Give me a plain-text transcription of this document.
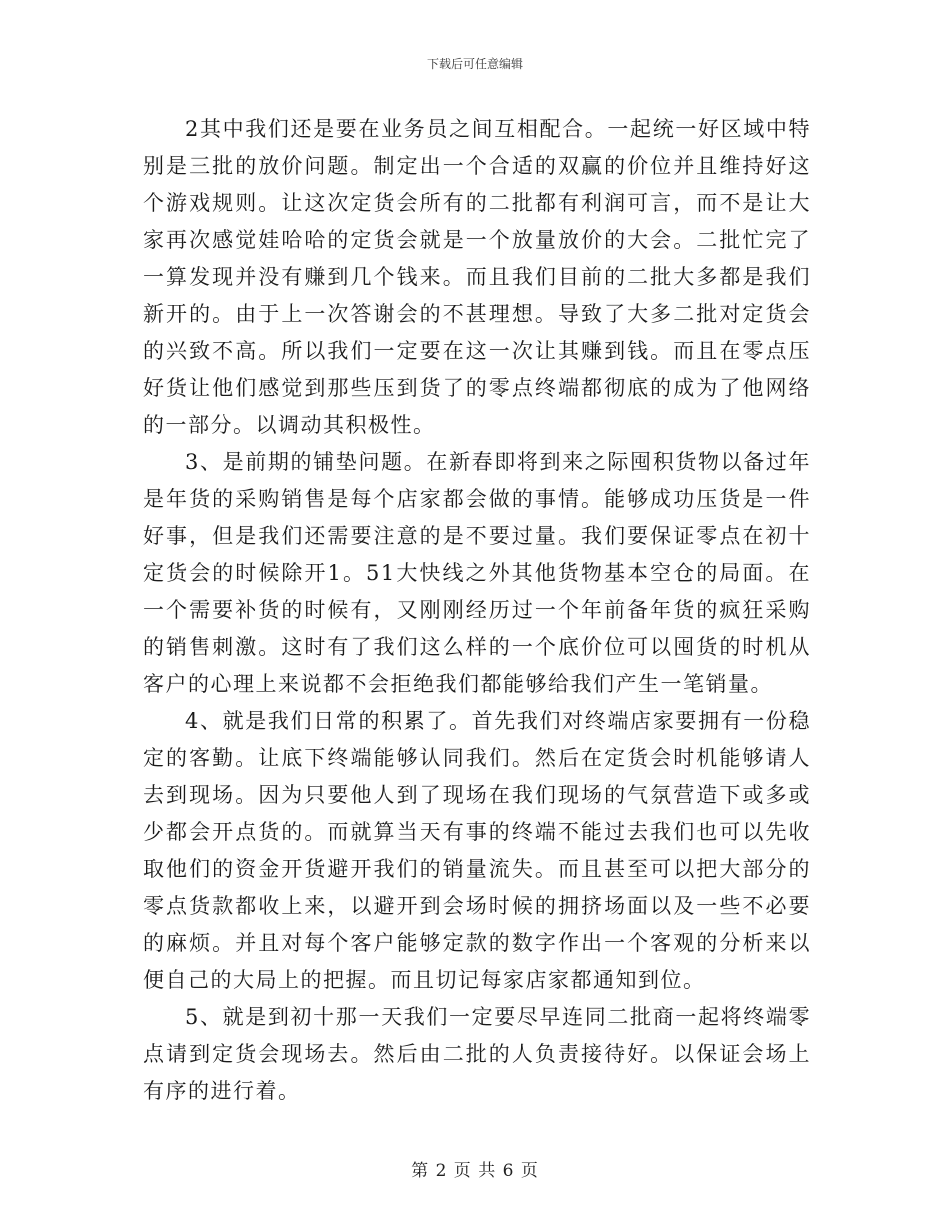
下载后可任意编辑

2其中我们还是要在业务员之间互相配合。一起统一好区域中特别是三批的放价问题。制定出一个合适的双赢的价位并且维持好这个游戏规则。让这次定货会所有的二批都有利润可言，而不是让大家再次感觉娃哈哈的定货会就是一个放量放价的大会。二批忙完了一算发现并没有赚到几个钱来。而且我们目前的二批大多都是我们新开的。由于上一次答谢会的不甚理想。导致了大多二批对定货会的兴致不高。所以我们一定要在这一次让其赚到钱。而且在零点压好货让他们感觉到那些压到货了的零点终端都彻底的成为了他网络的一部分。以调动其积极性。

3、是前期的铺垫问题。在新春即将到来之际囤积货物以备过年是年货的采购销售是每个店家都会做的事情。能够成功压货是一件好事，但是我们还需要注意的是不要过量。我们要保证零点在初十定货会的时候除开1。51大快线之外其他货物基本空仓的局面。在一个需要补货的时候有，又刚刚经历过一个年前备年货的疯狂采购的销售刺激。这时有了我们这么样的一个底价位可以囤货的时机从客户的心理上来说都不会拒绝我们都能够给我们产生一笔销量。

4、就是我们日常的积累了。首先我们对终端店家要拥有一份稳定的客勤。让底下终端能够认同我们。然后在定货会时机能够请人去到现场。因为只要他人到了现场在我们现场的气氛营造下或多或少都会开点货的。而就算当天有事的终端不能过去我们也可以先收取他们的资金开货避开我们的销量流失。而且甚至可以把大部分的零点货款都收上来，以避开到会场时候的拥挤场面以及一些不必要的麻烦。并且对每个客户能够定款的数字作出一个客观的分析来以便自己的大局上的把握。而且切记每家店家都通知到位。

5、就是到初十那一天我们一定要尽早连同二批商一起将终端零点请到定货会现场去。然后由二批的人负责接待好。以保证会场上有序的进行着。

第 2 页 共 6 页
